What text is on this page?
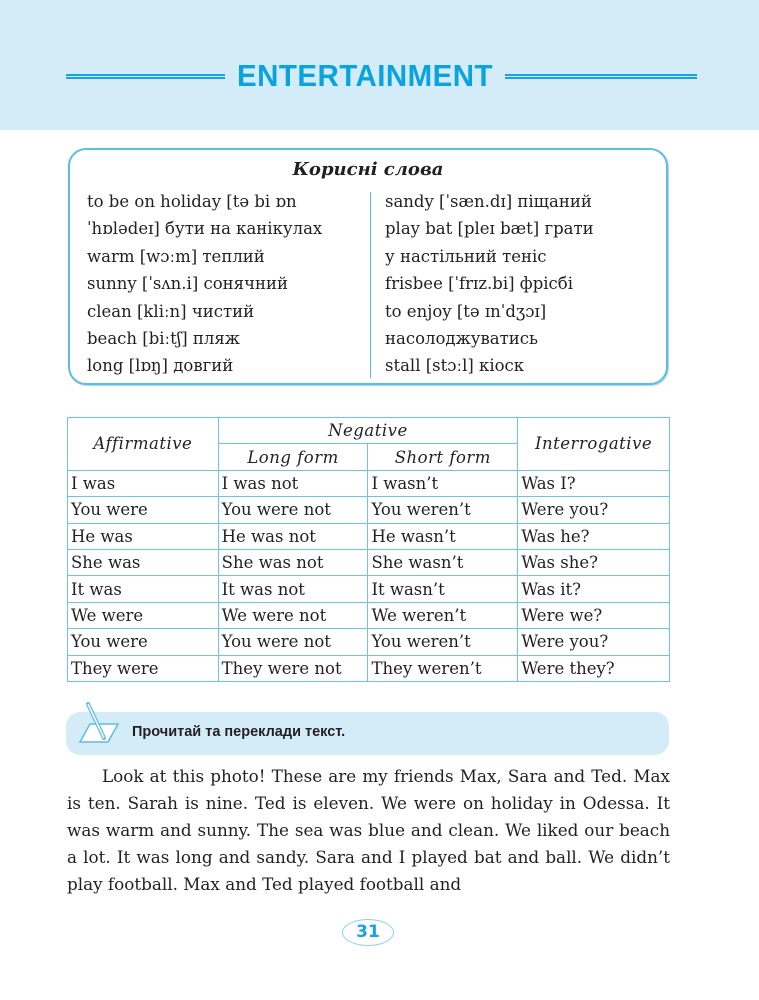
ENTERTAINMENT
Корисні слова
to be on holiday [tə bi ɒn
ˈhɒlədeɪ] бути на канікулах
warm [wɔːm] теплий
sunny [ˈsʌn.i] сонячний
clean [kliːn] чистий
beach [biːtʃ] пляж
long [lɒŋ] довгий
sandy [ˈsæn.dɪ] піщаний
play bat [pleɪ bæt] грати
у настільний теніс
frisbee [ˈfrɪz.bi] фрісбі
to enjoy [tə ɪnˈdʒɔɪ]
насолоджуватись
stall [stɔːl] кіоск
Affirmative	Negative		Interrogative
	Long form	Short form	
I was	I was not	I wasn’t	Was I?
You were	You were not	You weren’t	Were you?
He was	He was not	He wasn’t	Was he?
She was	She was not	She wasn’t	Was she?
It was	It was not	It wasn’t	Was it?
We were	We were not	We weren’t	Were we?
You were	You were not	You weren’t	Were you?
They were	They were not	They weren’t	Were they?
Прочитай та переклади текст.
Look at this photo! These are my friends Max, Sara and Ted. Max is ten. Sarah is nine. Ted is eleven. We were on holiday in Odessa. It was warm and sunny. The sea was blue and clean. We liked our beach a lot. It was long and sandy. Sara and I played bat and ball. We didn’t play football. Max and Ted played football and
31
